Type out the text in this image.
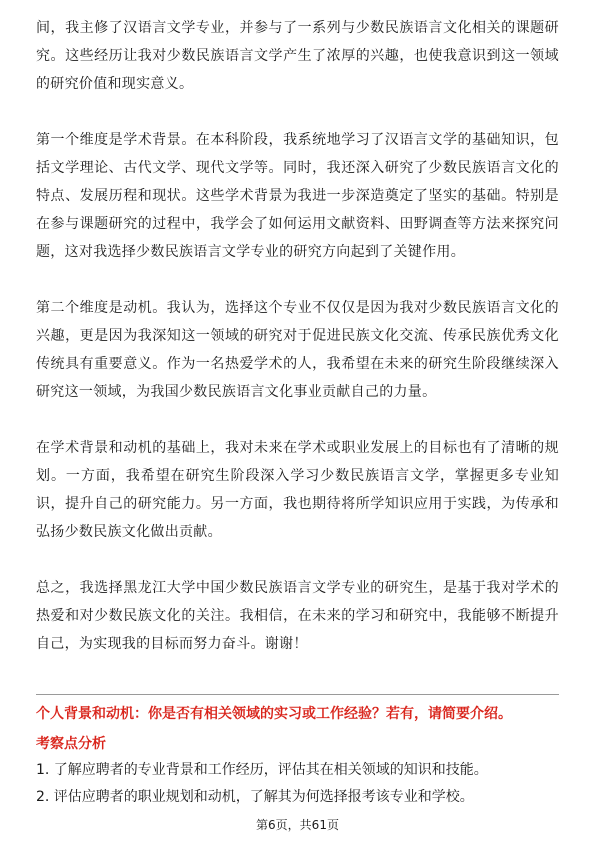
间，我主修了汉语言文学专业，并参与了一系列与少数民族语言文化相关的课题研究。这些经历让我对少数民族语言文学产生了浓厚的兴趣，也使我意识到这一领域的研究价值和现实意义。

第一个维度是学术背景。在本科阶段，我系统地学习了汉语言文学的基础知识，包括文学理论、古代文学、现代文学等。同时，我还深入研究了少数民族语言文化的特点、发展历程和现状。这些学术背景为我进一步深造奠定了坚实的基础。特别是在参与课题研究的过程中，我学会了如何运用文献资料、田野调查等方法来探究问题，这对我选择少数民族语言文学专业的研究方向起到了关键作用。

第二个维度是动机。我认为，选择这个专业不仅仅是因为我对少数民族语言文化的兴趣，更是因为我深知这一领域的研究对于促进民族文化交流、传承民族优秀文化传统具有重要意义。作为一名热爱学术的人，我希望在未来的研究生阶段继续深入研究这一领域，为我国少数民族语言文化事业贡献自己的力量。

在学术背景和动机的基础上，我对未来在学术或职业发展上的目标也有了清晰的规划。一方面，我希望在研究生阶段深入学习少数民族语言文学，掌握更多专业知识，提升自己的研究能力。另一方面，我也期待将所学知识应用于实践，为传承和弘扬少数民族文化做出贡献。

总之，我选择黑龙江大学中国少数民族语言文学专业的研究生，是基于我对学术的热爱和对少数民族文化的关注。我相信，在未来的学习和研究中，我能够不断提升自己，为实现我的目标而努力奋斗。谢谢！

个人背景和动机：你是否有相关领域的实习或工作经验？若有，请简要介绍。
考察点分析
1. 了解应聘者的专业背景和工作经历，评估其在相关领域的知识和技能。
2. 评估应聘者的职业规划和动机，了解其为何选择报考该专业和学校。
第6页，共61页
